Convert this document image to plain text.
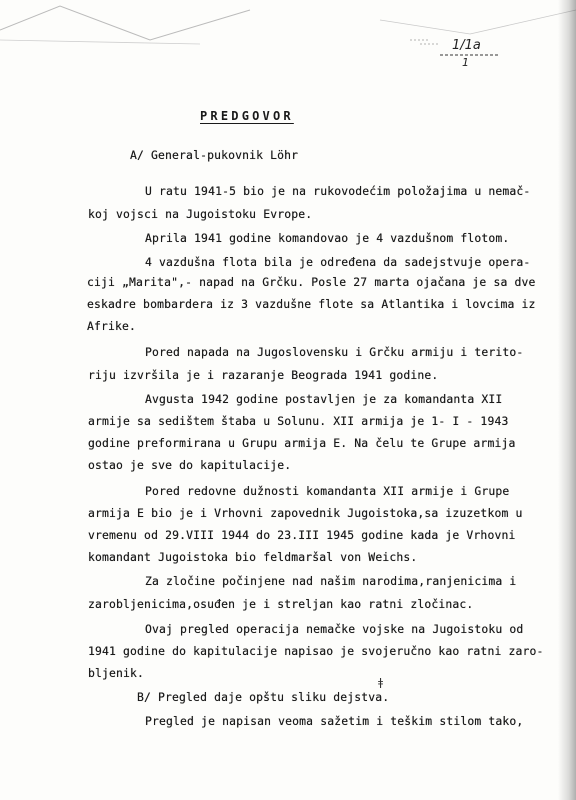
1/1a
1
PREDGOVOR
A/ General-pukovnik Löhr
U ratu 1941-5 bio je na rukovodećim položajima u nemač-
koj vojsci na Jugoistoku Evrope.
Aprila 1941 godine komandovao je 4 vazdušnom flotom.
4 vazdušna flota bila je određena da sadejstvuje opera-
ciji „Marita",- napad na Grčku. Posle 27 marta ojačana je sa dve
eskadre bombardera iz 3 vazdušne flote sa Atlantika i lovcima iz
Afrike.
Pored napada na Jugoslovensku i Grčku armiju i terito-
riju izvršila je i razaranje Beograda 1941 godine.
Avgusta 1942 godine postavljen je za komandanta XII
armije sa sedištem štaba u Solunu. XII armija je 1- I - 1943
godine preformirana u Grupu armija E. Na čelu te Grupe armija
ostao je sve do kapitulacije.
Pored redovne dužnosti komandanta XII armije i Grupe
armija E bio je i Vrhovni zapovednik Jugoistoka,sa izuzetkom u
vremenu od 29.VIII 1944 do 23.III 1945 godine kada je Vrhovni
komandant Jugoistoka bio feldmaršal von Weichs.
Za zločine počinjene nad našim narodima,ranjenicima i
zarobljenicima,osuđen je i streljan kao ratni zločinac.
Ovaj pregled operacija nemačke vojske na Jugoistoku od
1941 godine do kapitulacije napisao je svojeručno kao ratni zaro-
bljenik.
ǂ
B/ Pregled daje opštu sliku dejstva.
Pregled je napisan veoma sažetim i teškim stilom tako,
